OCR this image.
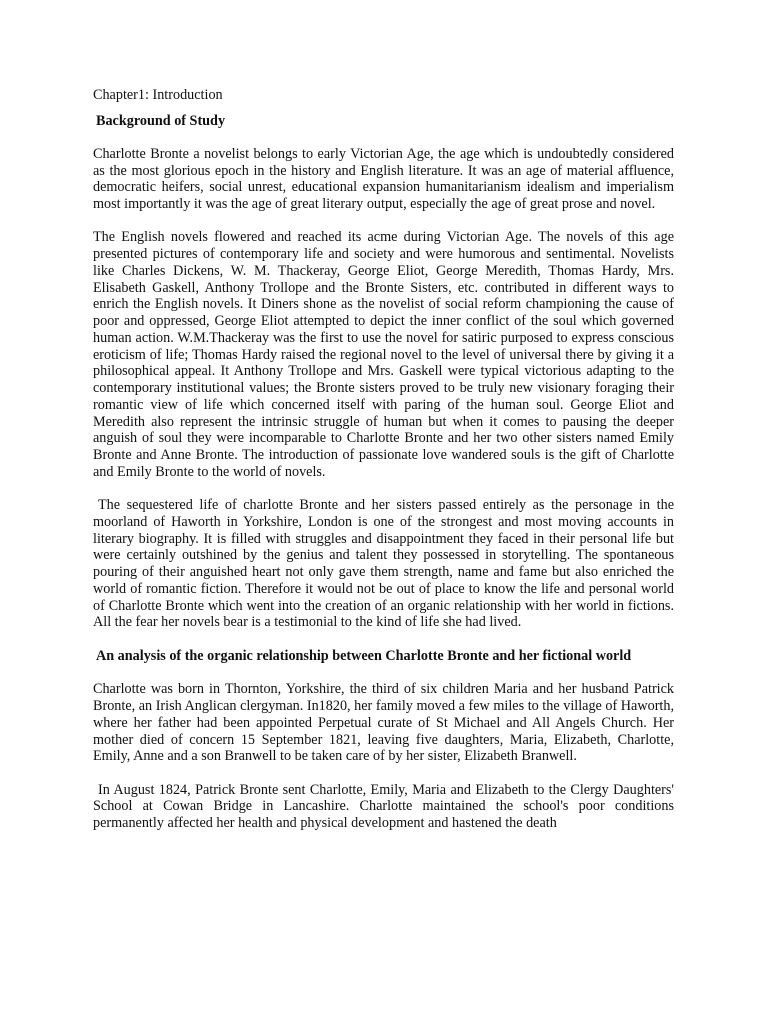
Chapter1: Introduction
Background of Study

Charlotte Bronte a novelist belongs to early Victorian Age, the age which is undoubtedly considered as the most glorious epoch in the history and English literature. It was an age of material affluence, democratic heifers, social unrest, educational expansion humanitarianism idealism and imperialism most importantly it was the age of great literary output, especially the age of great prose and novel.

The English novels flowered and reached its acme during Victorian Age. The novels of this age presented pictures of contemporary life and society and were humorous and sentimental. Novelists like Charles Dickens, W. M. Thackeray, George Eliot, George Meredith, Thomas Hardy, Mrs. Elisabeth Gaskell, Anthony Trollope and the Bronte Sisters, etc. contributed in different ways to enrich the English novels. It Diners shone as the novelist of social reform championing the cause of poor and oppressed, George Eliot attempted to depict the inner conflict of the soul which governed human action. W.M.Thackeray was the first to use the novel for satiric purposed to express conscious eroticism of life; Thomas Hardy raised the regional novel to the level of universal there by giving it a philosophical appeal. It Anthony Trollope and Mrs. Gaskell were typical victorious adapting to the contemporary institutional values; the Bronte sisters proved to be truly new visionary foraging their romantic view of life which concerned itself with paring of the human soul. George Eliot and Meredith also represent the intrinsic struggle of human but when it comes to pausing the deeper anguish of soul they were incomparable to Charlotte Bronte and her two other sisters named Emily Bronte and Anne Bronte. The introduction of passionate love wandered souls is the gift of Charlotte and Emily Bronte to the world of novels.

The sequestered life of charlotte Bronte and her sisters passed entirely as the personage in the moorland of Haworth in Yorkshire, London is one of the strongest and most moving accounts in literary biography. It is filled with struggles and disappointment they faced in their personal life but were certainly outshined by the genius and talent they possessed in storytelling. The spontaneous pouring of their anguished heart not only gave them strength, name and fame but also enriched the world of romantic fiction. Therefore it would not be out of place to know the life and personal world of Charlotte Bronte which went into the creation of an organic relationship with her world in fictions. All the fear her novels bear is a testimonial to the kind of life she had lived.

An analysis of the organic relationship between Charlotte Bronte and her fictional world

Charlotte was born in Thornton, Yorkshire, the third of six children Maria and her husband Patrick Bronte, an Irish Anglican clergyman. In1820, her family moved a few miles to the village of Haworth, where her father had been appointed Perpetual curate of St Michael and All Angels Church. Her mother died of concern 15 September 1821, leaving five daughters, Maria, Elizabeth, Charlotte, Emily, Anne and a son Branwell to be taken care of by her sister, Elizabeth Branwell.

In August 1824, Patrick Bronte sent Charlotte, Emily, Maria and Elizabeth to the Clergy Daughters' School at Cowan Bridge in Lancashire. Charlotte maintained the school's poor conditions permanently affected her health and physical development and hastened the death
